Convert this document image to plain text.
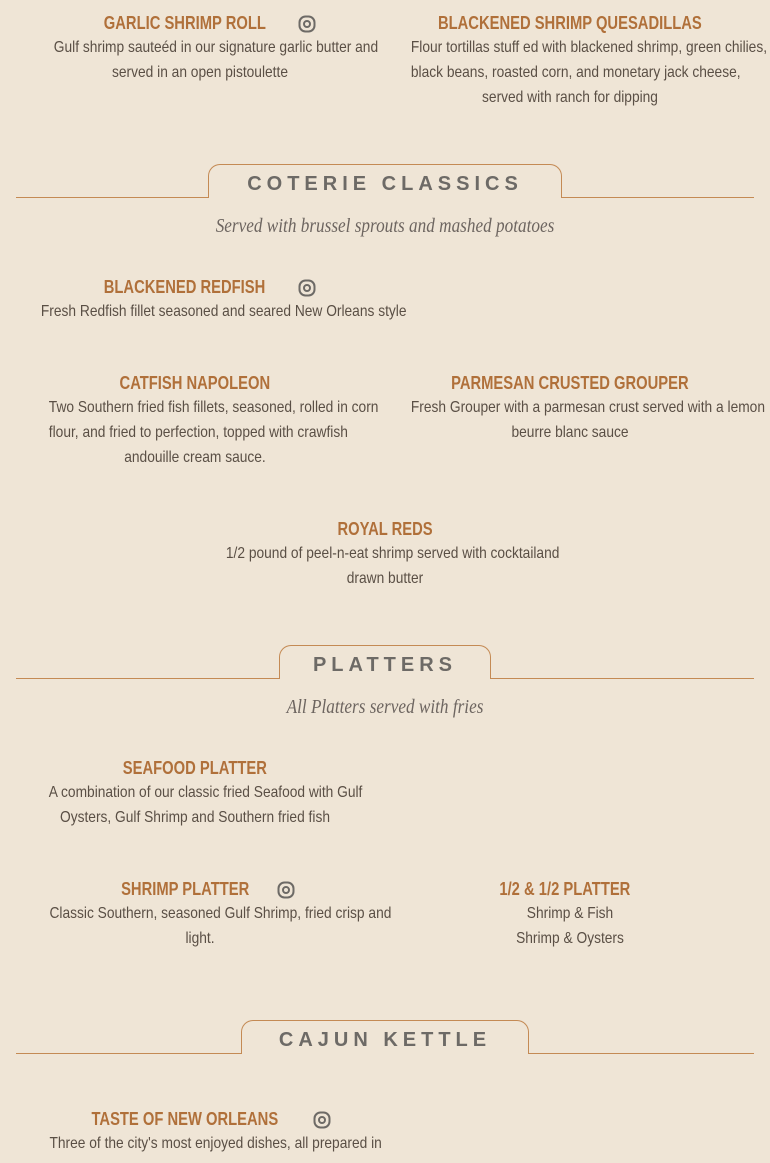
GARLIC SHRIMP ROLL
Gulf shrimp sauteéd in our signature garlic butter and
served in an open pistoulette
BLACKENED SHRIMP QUESADILLAS
Flour tortillas stuff ed with blackened shrimp, green chilies,
black beans, roasted corn, and monetary jack cheese,
served with ranch for dipping
COTERIE CLASSICS
Served with brussel sprouts and mashed potatoes
BLACKENED REDFISH
Fresh Redfish fillet seasoned and seared New Orleans style
CATFISH NAPOLEON
Two Southern fried fish fillets, seasoned, rolled in corn
flour, and fried to perfection, topped with crawfish
andouille cream sauce.
PARMESAN CRUSTED GROUPER
Fresh Grouper with a parmesan crust served with a lemon
beurre blanc sauce
ROYAL REDS
1/2 pound of peel-n-eat shrimp served with cocktailand
drawn butter
PLATTERS
All Platters served with fries
SEAFOOD PLATTER
A combination of our classic fried Seafood with Gulf
Oysters, Gulf Shrimp and Southern fried fish
SHRIMP PLATTER
Classic Southern, seasoned Gulf Shrimp, fried crisp and
light.
1/2 & 1/2 PLATTER
Shrimp & Fish
Shrimp & Oysters
CAJUN KETTLE
TASTE OF NEW ORLEANS
Three of the city's most enjoyed dishes, all prepared in
